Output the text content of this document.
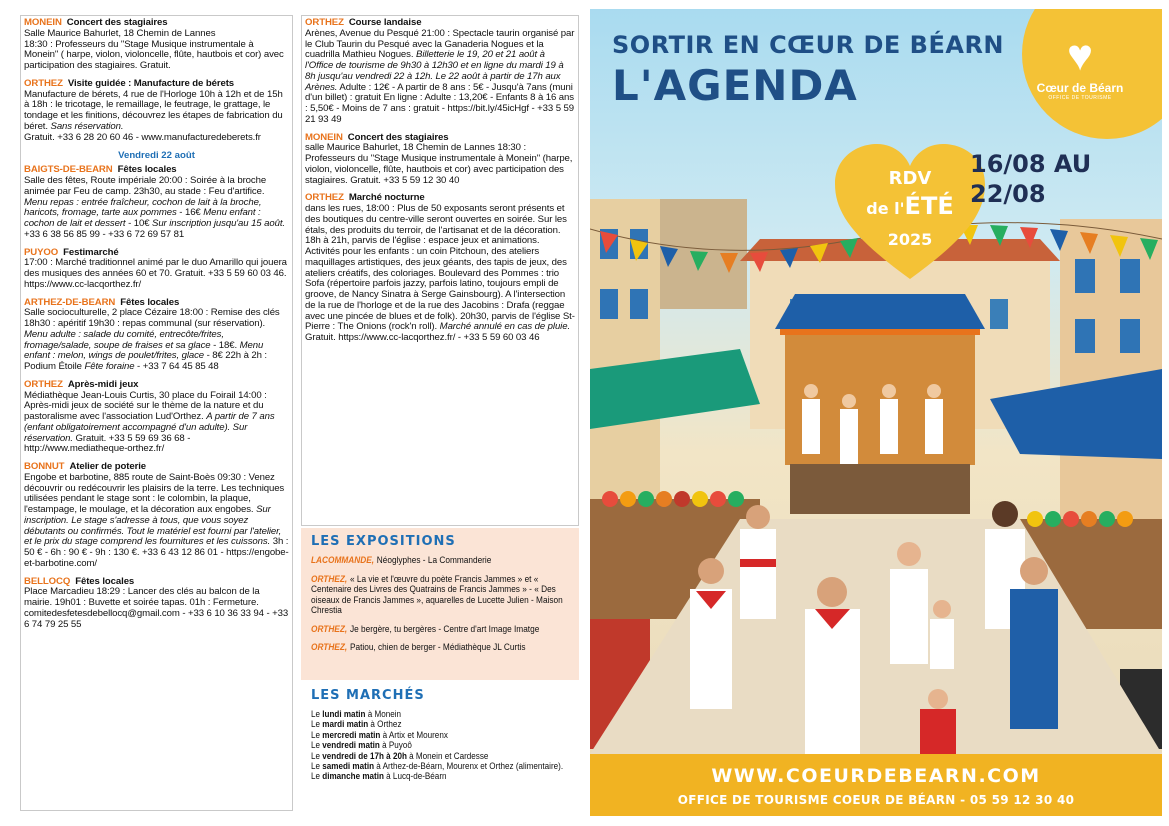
MONEIN Concert des stagiaires

Salle Maurice Bahurlet, 18 Chemin de Lannes

18:30 : Professeurs du "Stage Musique instrumentale à Monein" ( harpe, violon, violoncelle, flûte, hautbois et cor) avec participation des stagiaires. Gratuit.

ORTHEZ Visite guidée : Manufacture de bérets

Manufacture de bérets, 4 rue de l'Horloge 10h à 12h et de 15h à 18h : le tricotage, le remaillage, le feutrage, le grattage, le tondage et les finitions, découvrez les étapes de fabrication du béret. Sans réservation.

Gratuit. +33 6 28 20 60 46 - www.manufacturedeberets.fr

Vendredi 22 août
BAIGTS-DE-BEARN Fêtes locales

Salle des fêtes, Route impériale 20:00 : Soirée à la broche animée par Feu de camp. 23h30, au stade : Feu d'artifice. Menu repas : entrée fraîcheur, cochon de lait à la broche, haricots, fromage, tarte aux pommes - 16€ Menu enfant : cochon de lait et dessert - 10€ Sur inscription jusqu'au 15 août. +33 6 38 56 85 99 - +33 6 72 69 57 81

PUYOO Festimarché

17:00 : Marché traditionnel animé par le duo Amarillo qui jouera des musiques des années 60 et 70. Gratuit. +33 5 59 60 03 46. https://www.cc-lacqorthez.fr/

ARTHEZ-DE-BEARN Fêtes locales

Salle socioculturelle, 2 place Cézaire 18:00 : Remise des clés 18h30 : apéritif 19h30 : repas communal (sur réservation). Menu adulte : salade du comité, entrecôte/frites, fromage/salade, soupe de fraises et sa glace - 18€. Menu enfant : melon, wings de poulet/frites, glace - 8€ 22h à 2h : Podium Étoile Fête foraine - +33 7 64 45 85 48

ORTHEZ Après-midi jeux

Médiathèque Jean-Louis Curtis, 30 place du Foirail 14:00 : Après-midi jeux de société sur le thème de la nature et du pastoralisme avec l'association Lud'Orthez. A partir de 7 ans (enfant obligatoirement accompagné d'un adulte). Sur réservation. Gratuit. +33 5 59 69 36 68 - http://www.mediatheque-orthez.fr/

BONNUT Atelier de poterie

Engobe et barbotine, 885 route de Saint-Boès 09:30 : Venez découvrir ou redécouvrir les plaisirs de la terre. Les techniques utilisées pendant le stage sont : le colombin, la plaque, l'estampage, le moulage, et la décoration aux engobes. Sur inscription. Le stage s'adresse à tous, que vous soyez débutants ou confirmés. Tout le matériel est fourni par l'atelier, et le prix du stage comprend les fournitures et les cuissons. 3h : 50 € - 6h : 90 € - 9h : 130 €. +33 6 43 12 86 01 - https://engobe-et-barbotine.com/

BELLOCQ Fêtes locales

Place Marcadieu 18:29 : Lancer des clés au balcon de la mairie. 19h01 : Buvette et soirée tapas. 01h : Fermeture. comitedesfetesdebellocq@gmail.com - +33 6 10 36 33 94 - +33 6 74 79 25 55

ORTHEZ Course landaise

Arènes, Avenue du Pesqué 21:00 : Spectacle taurin organisé par le Club Taurin du Pesqué avec la Ganaderia Nogues et la cuadrilla Mathieu Nogues. Billetterie le 19, 20 et 21 août à l'Office de tourisme de 9h30 à 12h30 et en ligne du mardi 19 à 8h jusqu'au vendredi 22 à 12h. Le 22 août à partir de 17h aux Arènes. Adulte : 12€ - A partir de 8 ans : 5€ - Jusqu'à 7ans (muni d'un billet) : gratuit En ligne : Adulte : 13,20€ - Enfants 8 à 16 ans : 5,50€ - Moins de 7 ans : gratuit - https://bit.ly/45icHgf - +33 5 59 21 93 49

MONEIN Concert des stagiaires

salle Maurice Bahurlet, 18 Chemin de Lannes 18:30 : Professeurs du "Stage Musique instrumentale à Monein" (harpe, violon, violoncelle, flûte, hautbois et cor) avec participation des stagiaires. Gratuit. +33 5 59 12 30 40

ORTHEZ Marché nocturne

dans les rues, 18:00 : Plus de 50 exposants seront présents et des boutiques du centre-ville seront ouvertes en soirée. Sur les étals, des produits du terroir, de l'artisanat et de la décoration. 18h à 21h, parvis de l'église : espace jeux et animations. Activités pour les enfants : un coin Pitchoun, des ateliers maquillages artistiques, des jeux géants, des tapis de jeux, des ateliers créatifs, des coloriages. Boulevard des Pommes : trio Sofa (répertoire parfois jazzy, parfois latino, toujours empli de groove, de Nancy Sinatra à Serge Gainsbourg). A l'intersection de la rue de l'horloge et de la rue des Jacobins : Drafa (reggae avec une pincée de blues et de folk). 20h30, parvis de l'église St-Pierre : The Onions (rock'n roll). Marché annulé en cas de pluie. Gratuit. https://www.cc-lacqorthez.fr/ - +33 5 59 60 03 46

LES EXPOSITIONS
LACOMMANDE, Néoglyphes - La Commanderie
ORTHEZ, « La vie et l'œuvre du poète Francis Jammes » et « Centenaire des Livres des Quatrains de Francis Jammes » - « Des oiseaux de Francis Jammes », aquarelles de Lucette Julien - Maison Chrestia
ORTHEZ, Je bergère, tu bergères - Centre d'art Image Imatge
ORTHEZ, Patiou, chien de berger - Médiathèque JL Curtis
LES MARCHÉS
Le lundi matin à Monein
Le mardi matin à Orthez
Le mercredi matin à Artix et Mourenx
Le vendredi matin à Puyoô
Le vendredi de 17h à 20h à Monein et Cardesse
Le samedi matin à Arthez-de-Béarn, Mourenx et Orthez (alimentaire).
Le dimanche matin à Lucq-de-Béarn
♥
Cœur de Béarn
OFFICE DE TOURISME
SORTIR EN CŒUR DE BÉARN
L'AGENDA
RDV
de l'ÉTÉ
2025
16/08 AU
22/08
WWW.COEURDEBEARN.COM
OFFICE DE TOURISME COEUR DE BÉARN - 05 59 12 30 40
